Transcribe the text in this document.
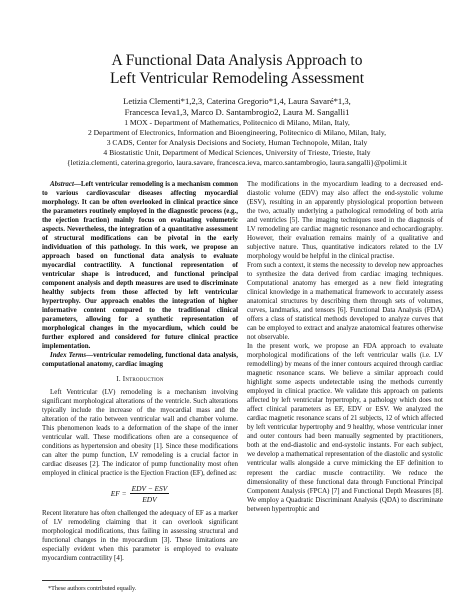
A Functional Data Analysis Approach to
Left Ventricular Remodeling Assessment
Letizia Clementi*1,2,3, Caterina Gregorio*1,4, Laura Savaré*1,3,
Francesca Ieva1,3, Marco D. Santambrogio2, Laura M. Sangalli1
1 MOX - Department of Mathematics, Politecnico di Milano, Milan, Italy,
2 Department of Electronics, Information and Bioengineering, Politecnico di Milano, Milan, Italy,
3 CADS, Center for Analysis Decisions and Society, Human Technopole, Milan, Italy
4 Biostatistic Unit, Department of Medical Sciences, University of Trieste, Trieste, Italy
{letizia.clementi, caterina.gregorio, laura.savare, francesca.ieva, marco.santambrogio, laura.sangalli}@polimi.it

Abstract—Left ventricular remodeling is a mechanism common to various cardiovascular diseases affecting myocardial morphology. It can be often overlooked in clinical practice since the parameters routinely employed in the diagnostic process (e.g., the ejection fraction) mainly focus on evaluating volumetric aspects. Nevertheless, the integration of a quantitative assessment of structural modifications can be pivotal in the early individuation of this pathology. In this work, we propose an approach based on functional data analysis to evaluate myocardial contractility. A functional representation of ventricular shape is introduced, and functional principal component analysis and depth measures are used to discriminate healthy subjects from those affected by left ventricular hypertrophy. Our approach enables the integration of higher informative content compared to the traditional clinical parameters, allowing for a synthetic representation of morphological changes in the myocardium, which could be further explored and considered for future clinical practice implementation.

Index Terms—ventricular remodeling, functional data analysis, computational anatomy, cardiac imaging

I. Introduction

Left Ventricular (LV) remodeling is a mechanism involving significant morphological alterations of the ventricle. Such alterations typically include the increase of the myocardial mass and the alteration of the ratio between ventricular wall and chamber volume. This phenomenon leads to a deformation of the shape of the inner ventricular wall. These modifications often are a consequence of conditions as hypertension and obesity [1]. Since these modifications can alter the pump function, LV remodeling is a crucial factor in cardiac diseases [2]. The indicator of pump functionality most often employed in clinical practice is the Ejection Fraction (EF), defined as:

EF = $\frac{\text{EDV − ESV}}{\text{EDV}}$

Recent literature has often challenged the adequacy of EF as a marker of LV remodeling claiming that it can overlook significant morphological modifications, thus failing in assessing structural and functional changes in the myocardium [3]. These limitations are especially evident when this parameter is employed to evaluate myocardium contractility [4].

*These authors contributed equally.

The modifications in the myocardium leading to a decreased end-diastolic volume (EDV) may also affect the end-systolic volume (ESV), resulting in an apparently physiological proportion between the two, actually underlying a pathological remodeling of both atria and ventricles [5]. The imaging techniques used in the diagnosis of LV remodeling are cardiac magnetic resonance and echocardiography. However, their evaluation remains mainly of a qualitative and subjective nature. Thus, quantitative indicators related to the LV morphology would be helpful in the clinical practise.

From such a context, it stems the necessity to develop new approaches to synthesize the data derived from cardiac imaging techniques. Computational anatomy has emerged as a new field integrating clinical knowledge in a mathematical framework to accurately assess anatomical structures by describing them through sets of volumes, curves, landmarks, and tensors [6]. Functional Data Analysis (FDA) offers a class of statistical methods developed to analyze curves that can be employed to extract and analyze anatomical features otherwise not observable.

In the present work, we propose an FDA approach to evaluate morphological modifications of the left ventricular walls (i.e. LV remodelling) by means of the inner contours acquired through cardiac magnetic resonance scans. We believe a similar approach could highlight some aspects undetectable using the methods currently employed in clinical practice. We validate this approach on patients affected by left ventricular hypertrophy, a pathology which does not affect clinical parameters as EF, EDV or ESV. We analyzed the cardiac magnetic resonance scans of 21 subjects, 12 of which affected by left ventricular hypertrophy and 9 healthy, whose ventricular inner and outer contours had been manually segmented by practitioners, both at the end-diastolic and end-systolic instants. For each subject, we develop a mathematical representation of the diastolic and systolic ventricular walls alongside a curve mimicking the EF definition to represent the cardiac muscle contractility. We reduce the dimensionality of these functional data through Functional Principal Component Analysis (FPCA) [7] and Functional Depth Measures [8]. We employ a Quadratic Discriminant Analysis (QDA) to discriminate between hypertrophic and
